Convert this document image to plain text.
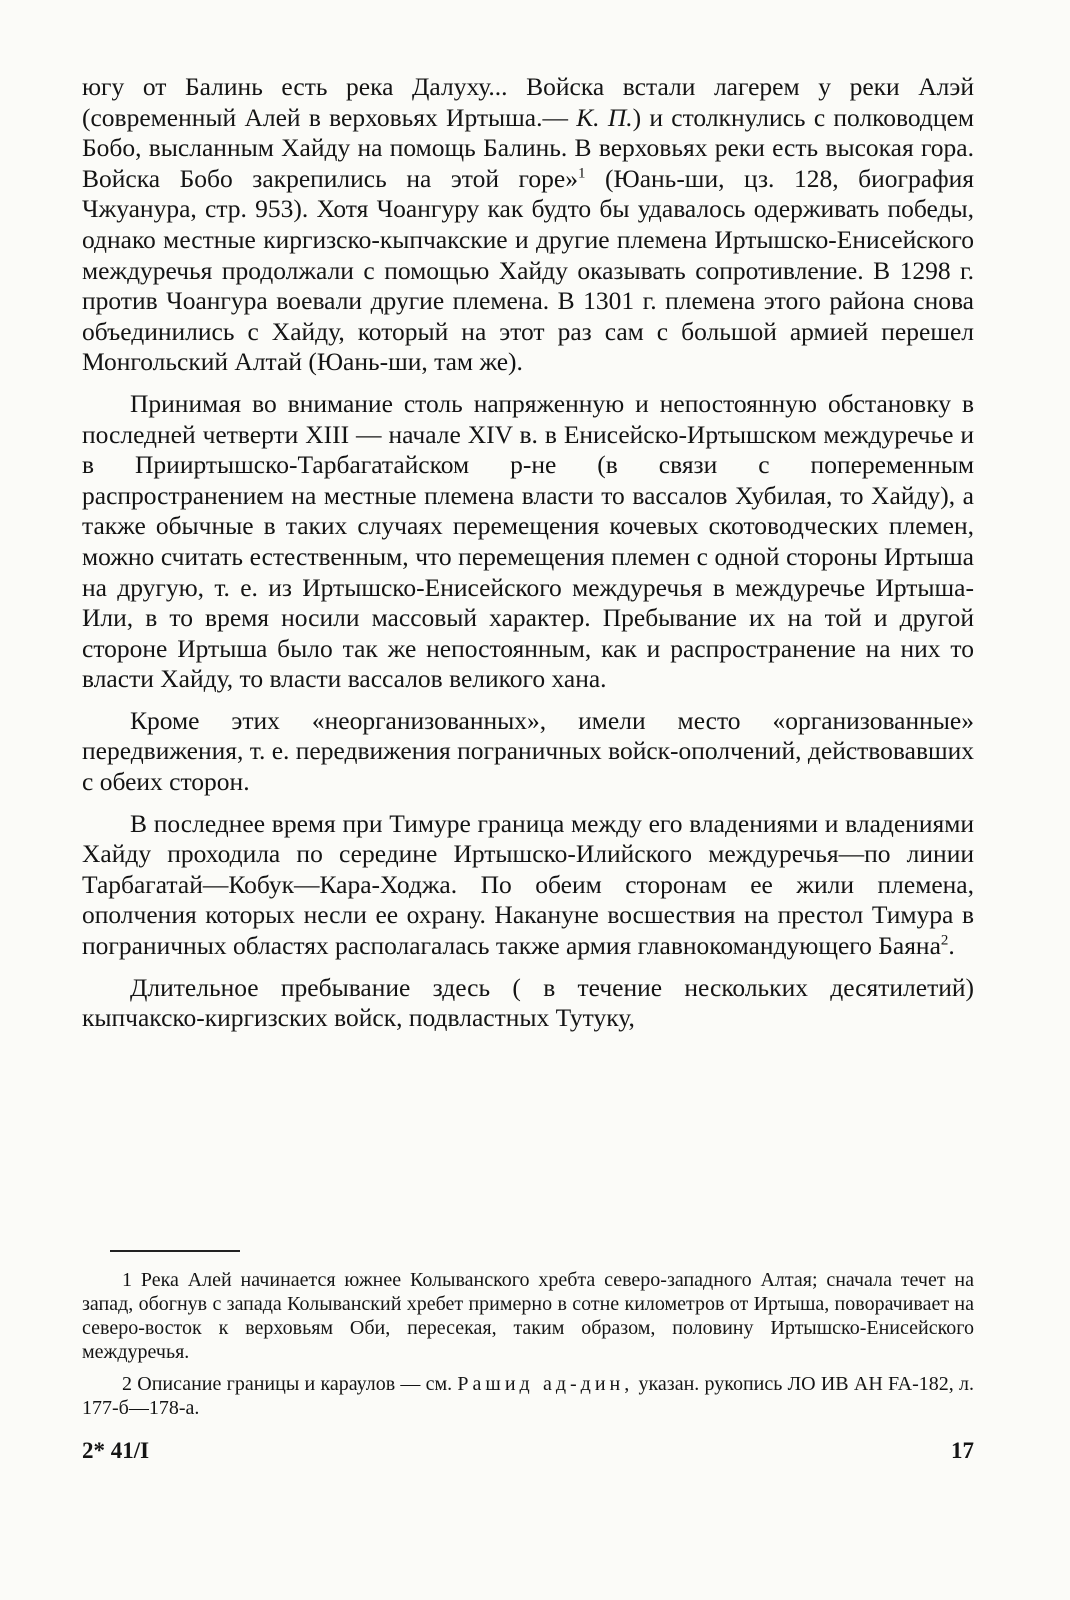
югу от Балинь есть река Далуху... Войска встали лагерем у реки Алэй (современный Алей в верховьях Иртыша.— К. П.) и столкнулись с полководцем Бобо, высланным Хайду на помощь Балинь. В верховьях реки есть высокая гора. Войска Бобо закрепились на этой горе»$^1$ (Юань-ши, цз. 128, биография Чжуанура, стр. 953). Хотя Чоангуру как будто бы удавалось одерживать победы, однако местные киргизско-кыпчакские и другие племена Иртышско-Енисейского междуречья продолжали с помощью Хайду оказывать сопротивление. В 1298 г. против Чоангура воевали другие племена. В 1301 г. племена этого района снова объединились с Хайду, который на этот раз сам с большой армией перешел Монгольский Алтай (Юань-ши, там же).

Принимая во внимание столь напряженную и непостоянную обстановку в последней четверти XIII — начале XIV в. в Енисейско-Иртышском междуречье и в Прииртышско-Тарбагатайском р-не (в связи с попеременным распространением на местные племена власти то вассалов Хубилая, то Хайду), а также обычные в таких случаях перемещения кочевых скотоводческих племен, можно считать естественным, что перемещения племен с одной стороны Иртыша на другую, т. е. из Иртышско-Енисейского междуречья в междуречье Иртыша-Или, в то время носили массовый характер. Пребывание их на той и другой стороне Иртыша было так же непостоянным, как и распространение на них то власти Хайду, то власти вассалов великого хана.

Кроме этих «неорганизованных», имели место «организованные» передвижения, т. е. передвижения пограничных войск-ополчений, действовавших с обеих сторон.

В последнее время при Тимуре граница между его владениями и владениями Хайду проходила по середине Иртышско-Илийского междуречья—по линии Тарбагатай—Кобук—Кара-Ходжа. По обеим сторонам ее жили племена, ополчения которых несли ее охрану. Накануне восшествия на престол Тимура в пограничных областях располагалась также армия главнокомандующего Баяна$^2$.

Длительное пребывание здесь ( в течение нескольких десятилетий) кыпчакско-киргизских войск, подвластных Тутуку,

1 Река Алей начинается южнее Колыванского хребта северо-западного Алтая; сначала течет на запад, обогнув с запада Колыванский хребет примерно в сотне километров от Иртыша, поворачивает на северо-восток к верховьям Оби, пересекая, таким образом, половину Иртышско-Енисейского междуречья.

2 Описание границы и караулов — см. Рашид ад-дин, указан. рукопись ЛО ИВ АН FA-182, л. 177-б—178-а.

2* 41/I	17
